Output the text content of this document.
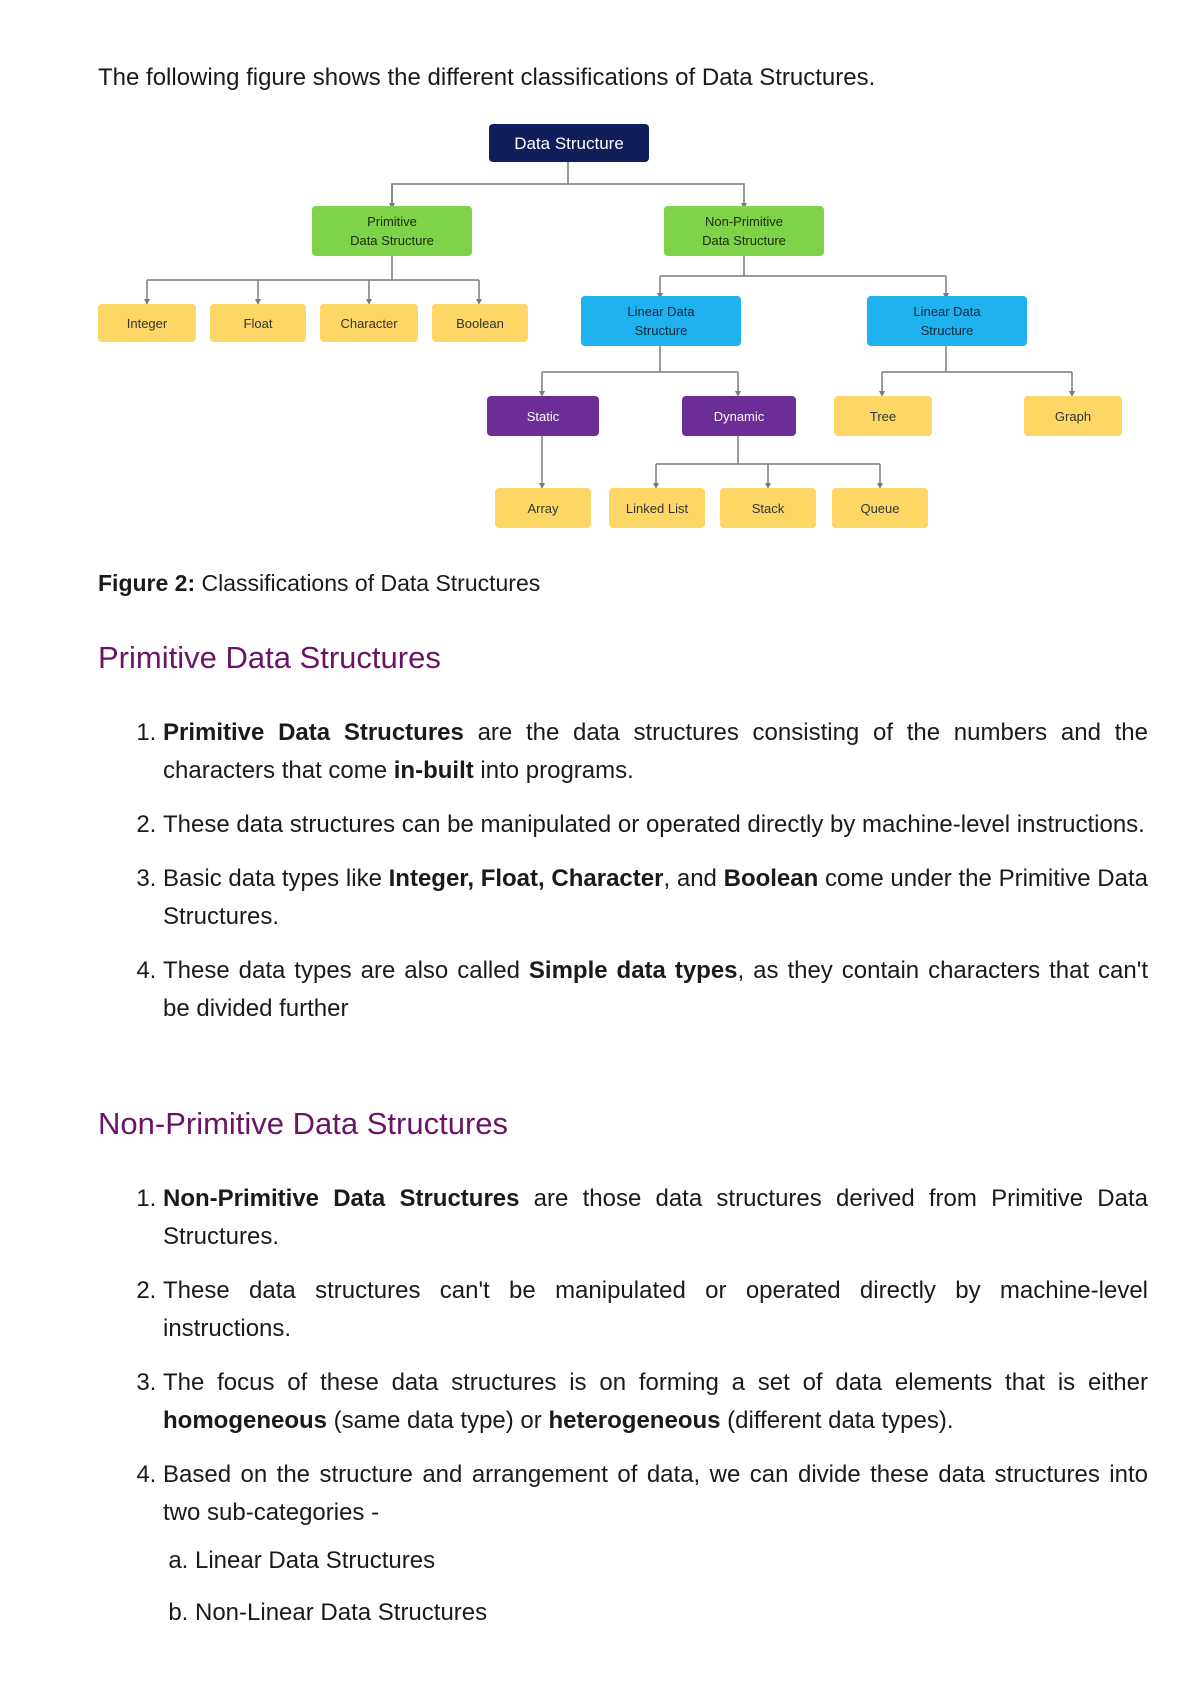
The following figure shows the different classifications of Data Structures.

Data Structure
Primitive
Data Structure
Non-Primitive
Data Structure
Integer	Float	Character	Boolean
Linear Data
Structure
Linear Data
Structure
Static	Dynamic	Tree	Graph
Array	Linked List	Stack	Queue

Figure 2: Classifications of Data Structures

Primitive Data Structures
1. Primitive Data Structures are the data structures consisting of the numbers and the characters that come in-built into programs.
2. These data structures can be manipulated or operated directly by machine-level instructions.
3. Basic data types like Integer, Float, Character, and Boolean come under the Primitive Data Structures.
4. These data types are also called Simple data types, as they contain characters that can't be divided further
Non-Primitive Data Structures
1. Non-Primitive Data Structures are those data structures derived from Primitive Data Structures.
2. These data structures can't be manipulated or operated directly by machine-level instructions.
3. The focus of these data structures is on forming a set of data elements that is either homogeneous (same data type) or heterogeneous (different data types).
4. Based on the structure and arrangement of data, we can divide these data structures into two sub-categories -
a. Linear Data Structures
b. Non-Linear Data Structures
